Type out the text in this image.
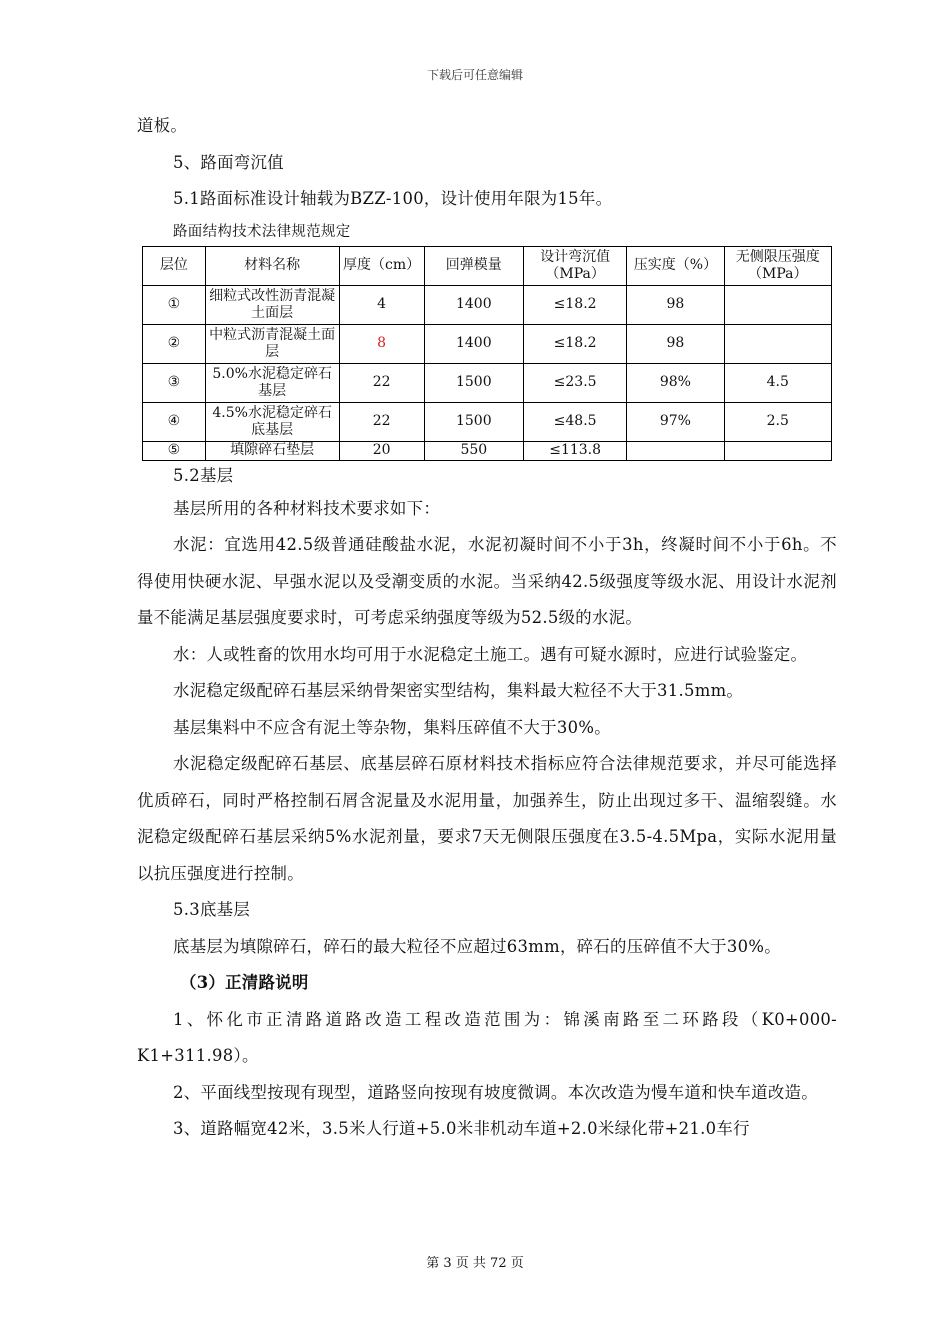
下载后可任意编辑

道板。

5、路面弯沉值

5.1路面标准设计轴载为BZZ-100，设计使用年限为15年。

路面结构技术法律规范规定

层位	材料名称	厚度（cm）	回弹模量	设计弯沉值（MPa）	压实度（%）	无侧限压强度（MPa）
①	细粒式改性沥青混凝土面层	4	1400	≤18.2	98	
②	中粒式沥青混凝土面层	8	1400	≤18.2	98	
③	5.0%水泥稳定碎石基层	22	1500	≤23.5	98%	4.5
④	4.5%水泥稳定碎石底基层	22	1500	≤48.5	97%	2.5
⑤	填隙碎石垫层	20	550	≤113.8		

5.2基层

基层所用的各种材料技术要求如下：

水泥：宜选用42.5级普通硅酸盐水泥，水泥初凝时间不小于3h，终凝时间不小于6h。不得使用快硬水泥、早强水泥以及受潮变质的水泥。当采纳42.5级强度等级水泥、用设计水泥剂量不能满足基层强度要求时，可考虑采纳强度等级为52.5级的水泥。

水：人或牲畜的饮用水均可用于水泥稳定土施工。遇有可疑水源时，应进行试验鉴定。

水泥稳定级配碎石基层采纳骨架密实型结构，集料最大粒径不大于31.5mm。

基层集料中不应含有泥土等杂物，集料压碎值不大于30%。

水泥稳定级配碎石基层、底基层碎石原材料技术指标应符合法律规范要求，并尽可能选择优质碎石，同时严格控制石屑含泥量及水泥用量，加强养生，防止出现过多干、温缩裂缝。水泥稳定级配碎石基层采纳5%水泥剂量，要求7天无侧限压强度在3.5-4.5Mpa，实际水泥用量以抗压强度进行控制。

5.3底基层

底基层为填隙碎石，碎石的最大粒径不应超过63mm，碎石的压碎值不大于30%。

（3）正清路说明

1、怀化市正清路道路改造工程改造范围为：锦溪南路至二环路段（K0+000-K1+311.98）。

2、平面线型按现有现型，道路竖向按现有坡度微调。本次改造为慢车道和快车道改造。

3、道路幅宽42米，3.5米人行道+5.0米非机动车道+2.0米绿化带+21.0车行

第 3 页 共 72 页
